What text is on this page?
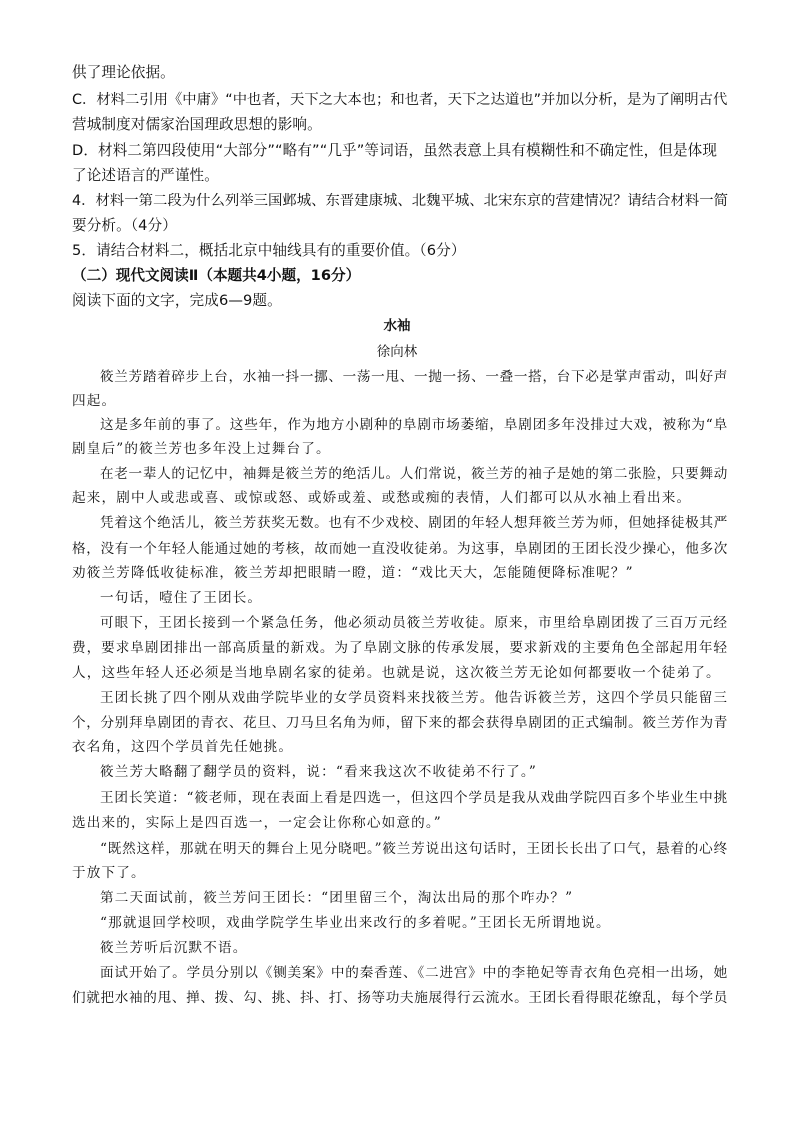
供了理论依据。
C．材料二引用《中庸》“中也者，天下之大本也；和也者，天下之达道也”并加以分析，是为了阐明古代
营城制度对儒家治国理政思想的影响。
D．材料二第四段使用“大部分”“略有”“几乎”等词语，虽然表意上具有模糊性和不确定性，但是体现
了论述语言的严谨性。
4．材料一第二段为什么列举三国邺城、东晋建康城、北魏平城、北宋东京的营建情况？请结合材料一简
要分析。（4分）
5．请结合材料二，概括北京中轴线具有的重要价值。（6分）
（二）现代文阅读Ⅱ（本题共4小题，16分）
阅读下面的文字，完成6—9题。
水袖
徐向林
筱兰芳踏着碎步上台，水袖一抖一挪、一荡一甩、一抛一扬、一叠一搭，台下必是掌声雷动，叫好声
四起。
这是多年前的事了。这些年，作为地方小剧种的阜剧市场萎缩，阜剧团多年没排过大戏，被称为“阜
剧皇后”的筱兰芳也多年没上过舞台了。
在老一辈人的记忆中，袖舞是筱兰芳的绝活儿。人们常说，筱兰芳的袖子是她的第二张脸，只要舞动
起来，剧中人或悲或喜、或惊或怒、或娇或羞、或愁或痴的表情，人们都可以从水袖上看出来。
凭着这个绝活儿，筱兰芳获奖无数。也有不少戏校、剧团的年轻人想拜筱兰芳为师，但她择徒极其严
格，没有一个年轻人能通过她的考核，故而她一直没收徒弟。为这事，阜剧团的王团长没少操心，他多次
劝筱兰芳降低收徒标准，筱兰芳却把眼睛一瞪，道：“戏比天大，怎能随便降标准呢？”
一句话，噎住了王团长。
可眼下，王团长接到一个紧急任务，他必须动员筱兰芳收徒。原来，市里给阜剧团拨了三百万元经
费，要求阜剧团排出一部高质量的新戏。为了阜剧文脉的传承发展，要求新戏的主要角色全部起用年轻
人，这些年轻人还必须是当地阜剧名家的徒弟。也就是说，这次筱兰芳无论如何都要收一个徒弟了。
王团长挑了四个刚从戏曲学院毕业的女学员资料来找筱兰芳。他告诉筱兰芳，这四个学员只能留三
个，分别拜阜剧团的青衣、花旦、刀马旦名角为师，留下来的都会获得阜剧团的正式编制。筱兰芳作为青
衣名角，这四个学员首先任她挑。
筱兰芳大略翻了翻学员的资料，说：“看来我这次不收徒弟不行了。”
王团长笑道：“筱老师，现在表面上看是四选一，但这四个学员是我从戏曲学院四百多个毕业生中挑
选出来的，实际上是四百选一，一定会让你称心如意的。”
“既然这样，那就在明天的舞台上见分晓吧。”筱兰芳说出这句话时，王团长长出了口气，悬着的心终
于放下了。
第二天面试前，筱兰芳问王团长：“团里留三个，淘汰出局的那个咋办？”
“那就退回学校呗，戏曲学院学生毕业出来改行的多着呢。”王团长无所谓地说。
筱兰芳听后沉默不语。
面试开始了。学员分别以《铡美案》中的秦香莲、《二进宫》中的李艳妃等青衣角色亮相一出场，她
们就把水袖的甩、掸、拨、勾、挑、抖、打、扬等功夫施展得行云流水。王团长看得眼花缭乱，每个学员
